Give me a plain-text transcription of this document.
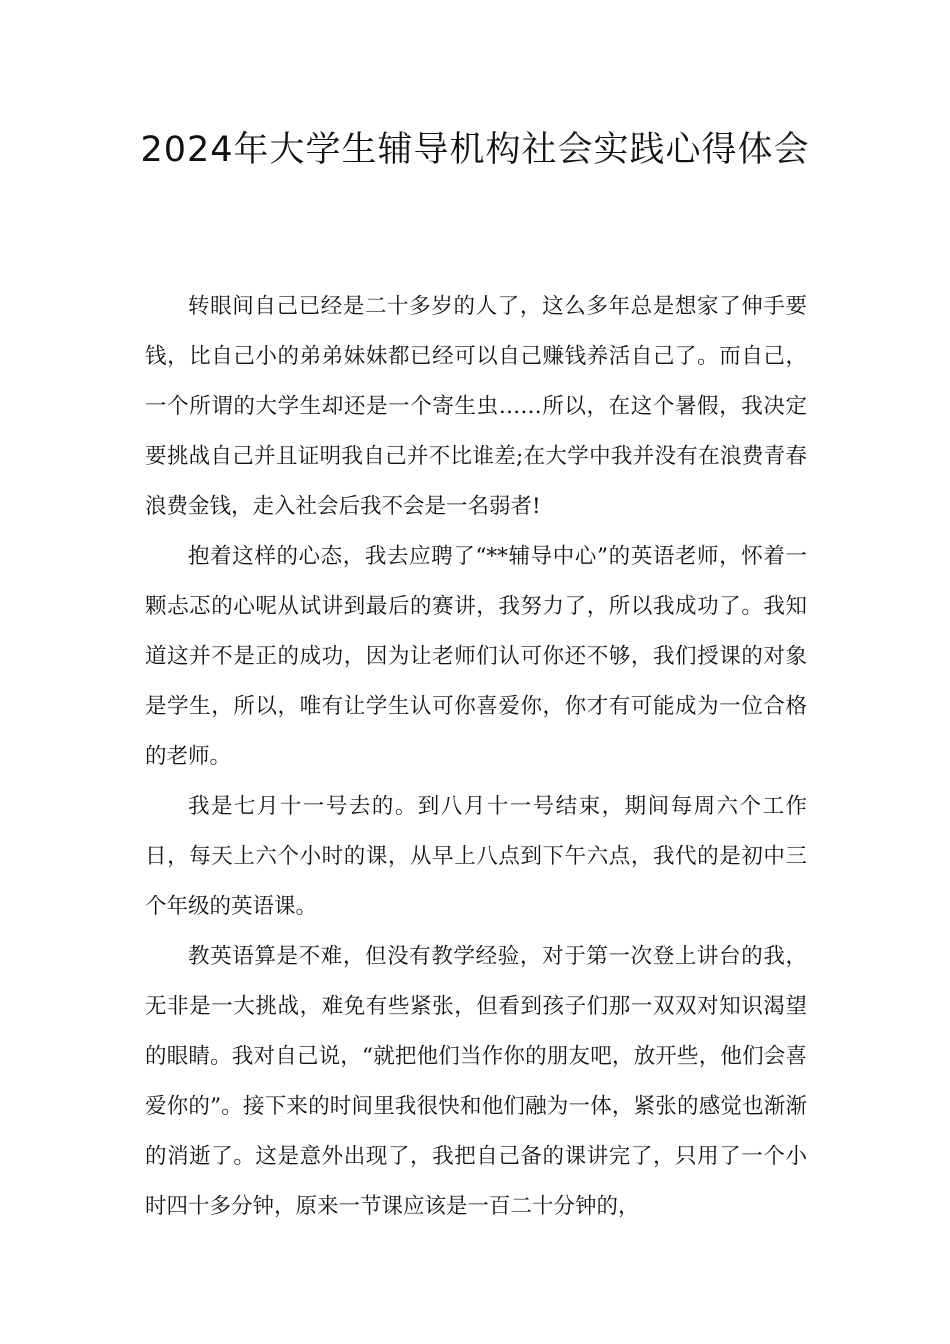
2024年大学生辅导机构社会实践心得体会

转眼间自己已经是二十多岁的人了，这么多年总是想家了伸手要钱，比自己小的弟弟妹妹都已经可以自己赚钱养活自己了。而自己，一个所谓的大学生却还是一个寄生虫……所以，在这个暑假，我决定要挑战自己并且证明我自己并不比谁差;在大学中我并没有在浪费青春浪费金钱，走入社会后我不会是一名弱者!

抱着这样的心态，我去应聘了“**辅导中心”的英语老师，怀着一颗忐忑的心呢从试讲到最后的赛讲，我努力了，所以我成功了。我知道这并不是正的成功，因为让老师们认可你还不够，我们授课的对象是学生，所以，唯有让学生认可你喜爱你，你才有可能成为一位合格的老师。

我是七月十一号去的。到八月十一号结束，期间每周六个工作日，每天上六个小时的课，从早上八点到下午六点，我代的是初中三个年级的英语课。

教英语算是不难，但没有教学经验，对于第一次登上讲台的我，无非是一大挑战，难免有些紧张，但看到孩子们那一双双对知识渴望的眼睛。我对自己说，“就把他们当作你的朋友吧，放开些，他们会喜爱你的”。接下来的时间里我很快和他们融为一体，紧张的感觉也渐渐的消逝了。这是意外出现了，我把自己备的课讲完了，只用了一个小时四十多分钟，原来一节课应该是一百二十分钟的，
